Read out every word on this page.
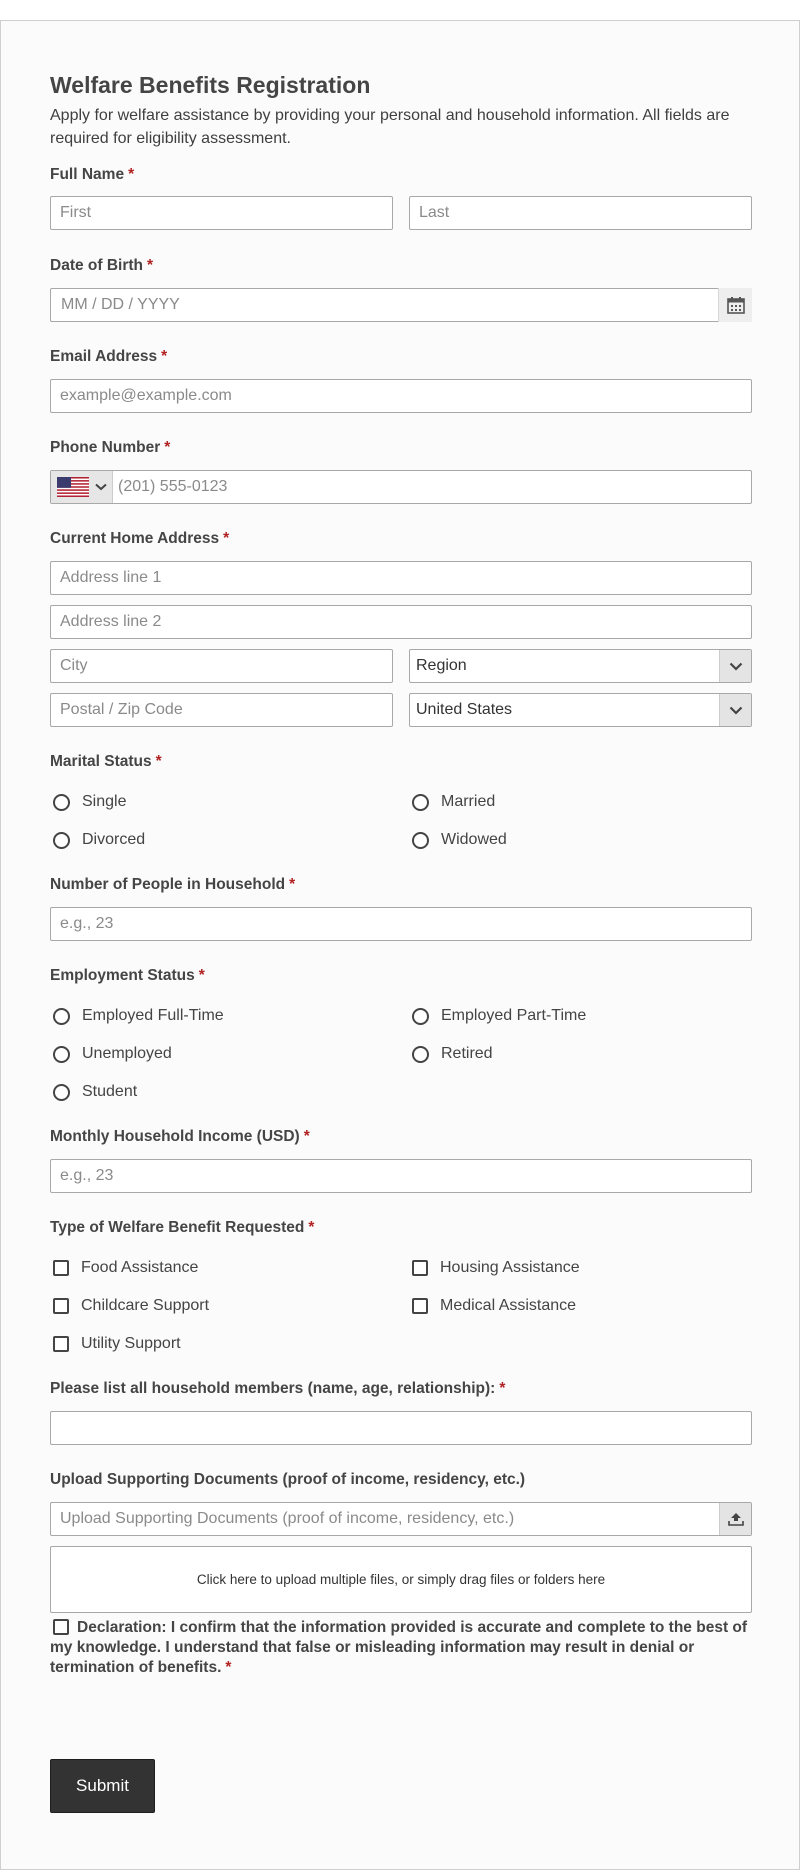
Welfare Benefits Registration

Apply for welfare assistance by providing your personal and household information. All fields are required for eligibility assessment.

Full Name *
First
Last
Date of Birth *
MM / DD / YYYY
Email Address *
example@example.com
Phone Number *
(201) 555-0123
Current Home Address *
Address line 1
Address line 2
City
Region
Postal / Zip Code
United States
Marital Status *
Single	Married
Divorced	Widowed
Number of People in Household *
e.g., 23
Employment Status *
Employed Full-Time	Employed Part-Time
Unemployed	Retired
Student
Monthly Household Income (USD) *
e.g., 23
Type of Welfare Benefit Requested *
Food Assistance	Housing Assistance
Childcare Support	Medical Assistance
Utility Support
Please list all household members (name, age, relationship): *
Upload Supporting Documents (proof of income, residency, etc.)
Upload Supporting Documents (proof of income, residency, etc.)
Click here to upload multiple files, or simply drag files or folders here
Declaration: I confirm that the information provided is accurate and complete to the best of my knowledge. I understand that false or misleading information may result in denial or termination of benefits. *
Submit
